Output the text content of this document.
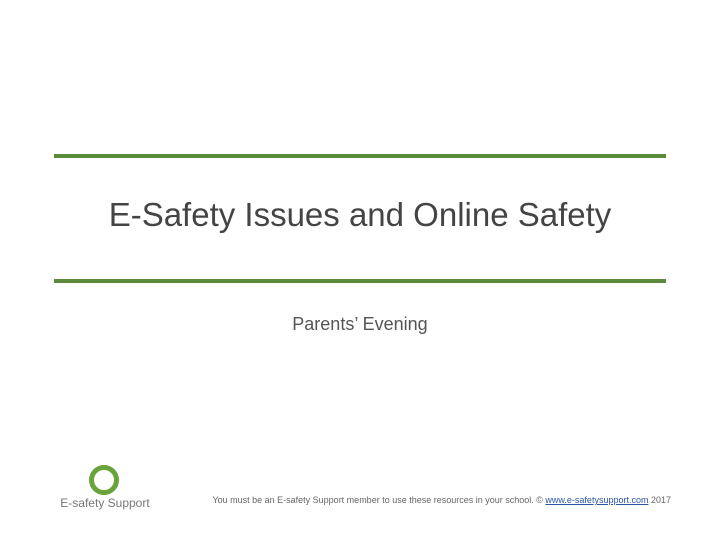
E-Safety Issues and Online Safety
Parents’ Evening
E-safety Support	You must be an E-safety Support member to use these resources in your school. © www.e-safetysupport.com 2017
